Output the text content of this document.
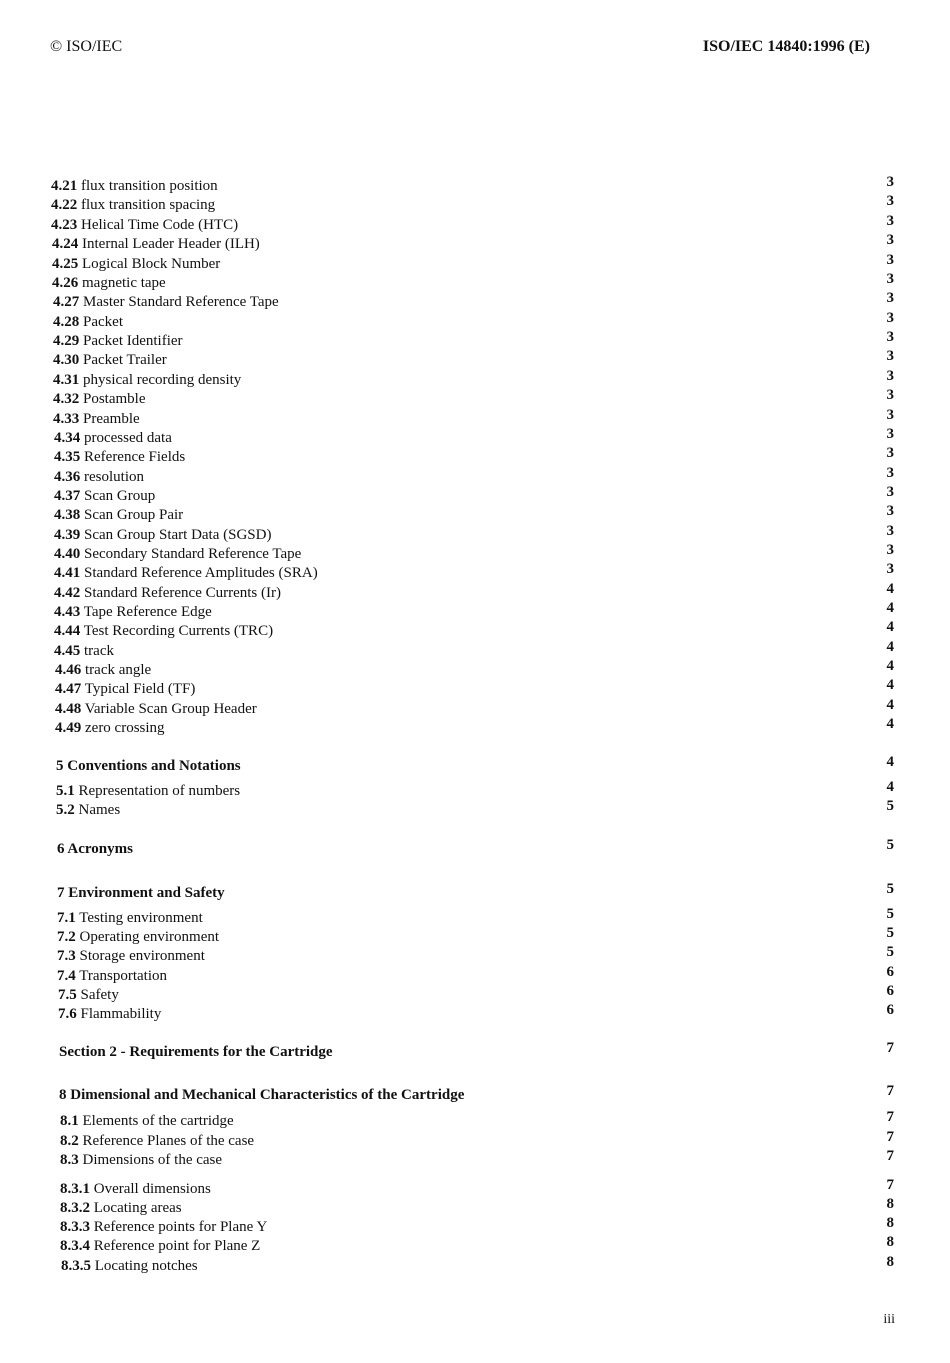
© ISO/IEC	ISO/IEC 14840:1996 (E)
4.21 flux transition position	3
4.22 flux transition spacing	3
4.23 Helical Time Code (HTC)	3
4.24 Internal Leader Header (ILH)	3
4.25 Logical Block Number	3
4.26 magnetic tape	3
4.27 Master Standard Reference Tape	3
4.28 Packet	3
4.29 Packet Identifier	3
4.30 Packet Trailer	3
4.31 physical recording density	3
4.32 Postamble	3
4.33 Preamble	3
4.34 processed data	3
4.35 Reference Fields	3
4.36 resolution	3
4.37 Scan Group	3
4.38 Scan Group Pair	3
4.39 Scan Group Start Data (SGSD)	3
4.40 Secondary Standard Reference Tape	3
4.41 Standard Reference Amplitudes (SRA)	3
4.42 Standard Reference Currents (Ir)	4
4.43 Tape Reference Edge	4
4.44 Test Recording Currents (TRC)	4
4.45 track	4
4.46 track angle	4
4.47 Typical Field (TF)	4
4.48 Variable Scan Group Header	4
4.49 zero crossing	4
5 Conventions and Notations	4
5.1 Representation of numbers	4
5.2 Names	5
6 Acronyms	5
7 Environment and Safety	5
7.1 Testing environment	5
7.2 Operating environment	5
7.3 Storage environment	5
7.4 Transportation	6
7.5 Safety	6
7.6 Flammability	6
Section 2 - Requirements for the Cartridge	7
8 Dimensional and Mechanical Characteristics of the Cartridge	7
8.1 Elements of the cartridge	7
8.2 Reference Planes of the case	7
8.3 Dimensions of the case	7
8.3.1 Overall dimensions	7
8.3.2 Locating areas	8
8.3.3 Reference points for Plane Y	8
8.3.4 Reference point for Plane Z	8
8.3.5 Locating notches	8
iii
